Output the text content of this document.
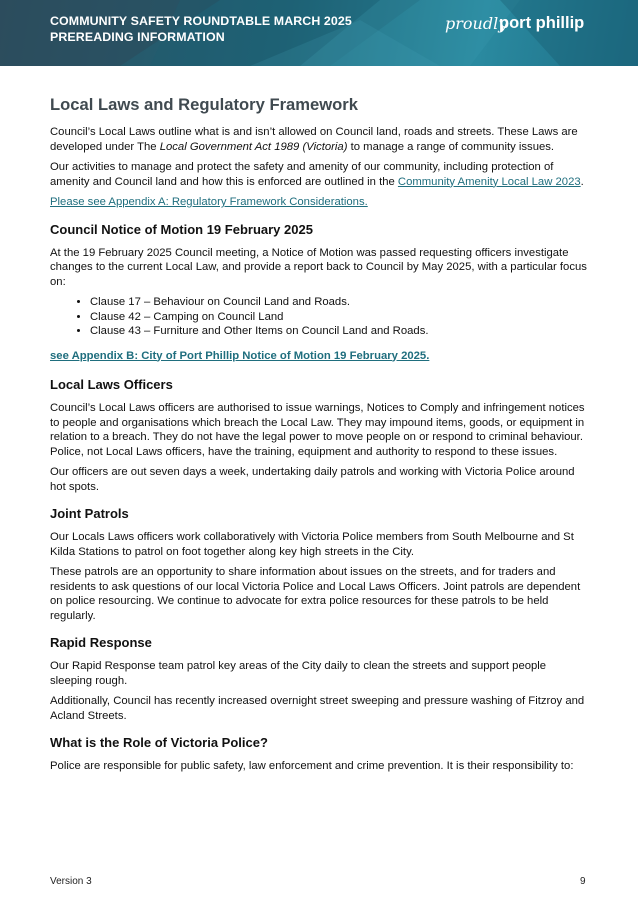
COMMUNITY SAFETY ROUNDTABLE MARCH 2025
PREREADING INFORMATION
proudly
port phillip
Local Laws and Regulatory Framework

Council’s Local Laws outline what is and isn’t allowed on Council land, roads and streets. These Laws are developed under The Local Government Act 1989 (Victoria) to manage a range of community issues.

Our activities to manage and protect the safety and amenity of our community, including protection of amenity and Council land and how this is enforced are outlined in the Community Amenity Local Law 2023.

Please see Appendix A: Regulatory Framework Considerations.

Council Notice of Motion 19 February 2025

At the 19 February 2025 Council meeting, a Notice of Motion was passed requesting officers investigate changes to the current Local Law, and provide a report back to Council by May 2025, with a particular focus on:

• Clause 17 – Behaviour on Council Land and Roads.
• Clause 42 – Camping on Council Land
• Clause 43 – Furniture and Other Items on Council Land and Roads.

see Appendix B: City of Port Phillip Notice of Motion 19 February 2025.

Local Laws Officers

Council’s Local Laws officers are authorised to issue warnings, Notices to Comply and infringement notices to people and organisations which breach the Local Law. They may impound items, goods, or equipment in relation to a breach. They do not have the legal power to move people on or respond to criminal behaviour. Police, not Local Laws officers, have the training, equipment and authority to respond to these issues.

Our officers are out seven days a week, undertaking daily patrols and working with Victoria Police around hot spots.

Joint Patrols

Our Locals Laws officers work collaboratively with Victoria Police members from South Melbourne and St Kilda Stations to patrol on foot together along key high streets in the City.

These patrols are an opportunity to share information about issues on the streets, and for traders and residents to ask questions of our local Victoria Police and Local Laws Officers. Joint patrols are dependent on police resourcing. We continue to advocate for extra police resources for these patrols to be held regularly.

Rapid Response

Our Rapid Response team patrol key areas of the City daily to clean the streets and support people sleeping rough.

Additionally, Council has recently increased overnight street sweeping and pressure washing of Fitzroy and Acland Streets.

What is the Role of Victoria Police?

Police are responsible for public safety, law enforcement and crime prevention. It is their responsibility to:

Version 3	9
